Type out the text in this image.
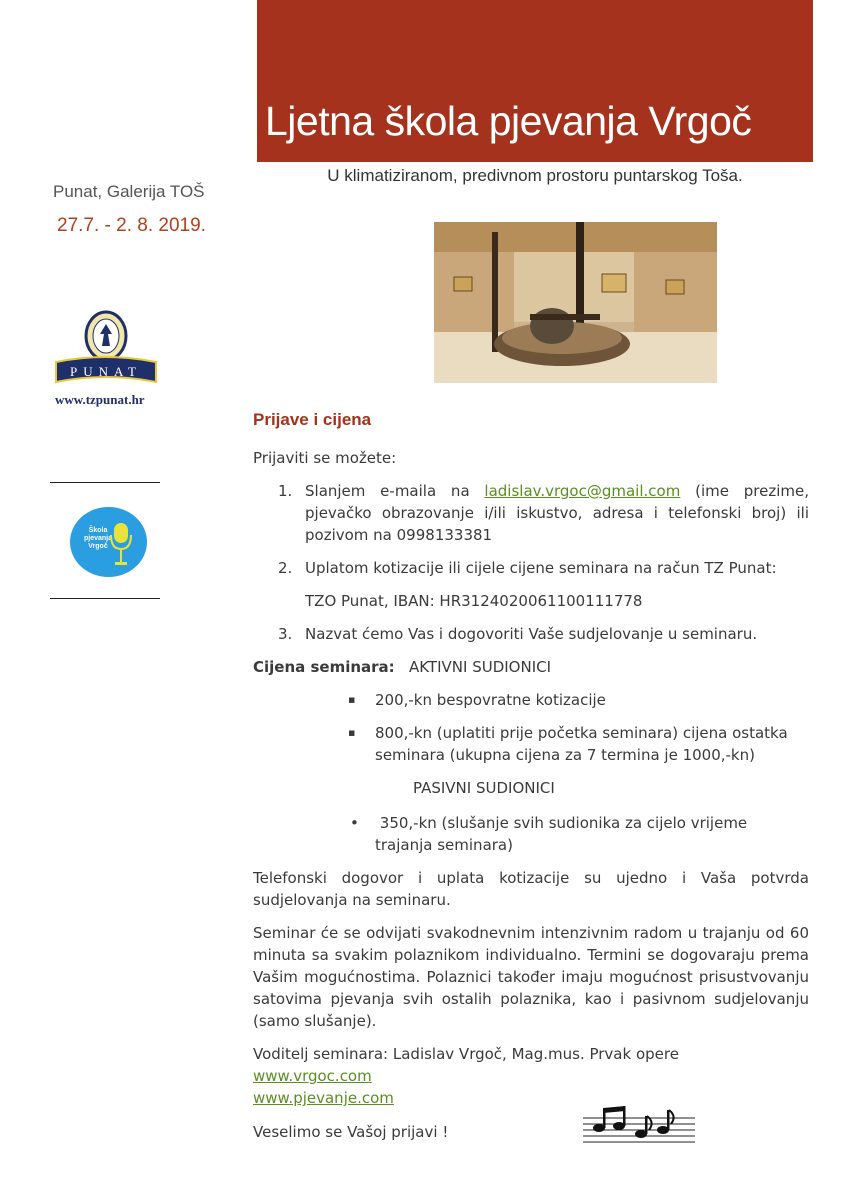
Ljetna škola pjevanja Vrgoč
U klimatiziranom, predivnom prostoru puntarskog Toša.
Punat, Galerija TOŠ
27.7. - 2. 8. 2019.
PUNAT
www.tzpunat.hr
Škola
pjevanja
Vrgoč
Prijave i cijena

Prijaviti se možete:

1. Slanjem e-maila na ladislav.vrgoc@gmail.com (ime prezime, pjevačko obrazovanje i/ili iskustvo, adresa i telefonski broj) ili pozivom na 0998133381

2. Uplatom kotizacije ili cijele cijene seminara na račun TZ Punat:

TZO Punat, IBAN: HR3124020061100111778

3. Nazvat ćemo Vas i dogovoriti Vaše sudjelovanje u seminaru.

Cijena seminara: AKTIVNI SUDIONICI

▪ 200,-kn bespovratne kotizacije

▪ 800,-kn (uplatiti prije početka seminara) cijena ostatka seminara (ukupna cijena za 7 termina je 1000,-kn)

PASIVNI SUDIONICI

• 350,-kn (slušanje svih sudionika za cijelo vrijeme trajanja seminara)

Telefonski dogovor i uplata kotizacije su ujedno i Vaša potvrda sudjelovanja na seminaru.

Seminar će se odvijati svakodnevnim intenzivnim radom u trajanju od 60 minuta sa svakim polaznikom individualno. Termini se dogovaraju prema Vašim mogućnostima. Polaznici također imaju mogućnost prisustvovanju satovima pjevanja svih ostalih polaznika, kao i pasivnom sudjelovanju (samo slušanje).

Voditelj seminara: Ladislav Vrgoč, Mag.mus. Prvak opere

www.vrgoc.com
www.pjevanje.com

Veselimo se Vašoj prijavi !
